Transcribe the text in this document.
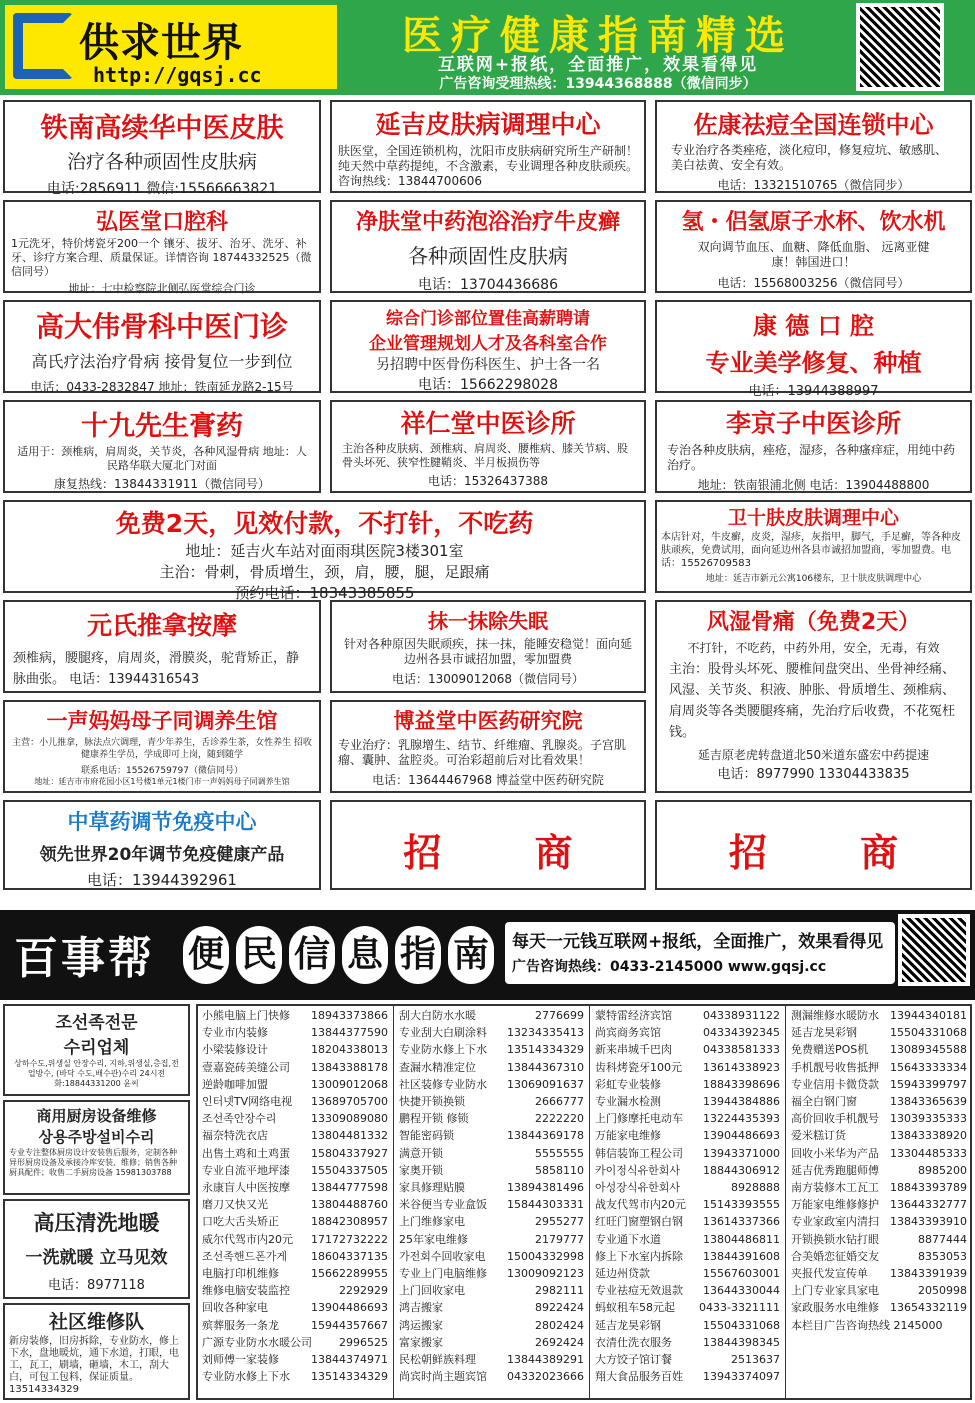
供求世界
http://gqsj.cc
医疗健康指南精选
互联网+报纸，全面推广，效果看得见
广告咨询受理热线：13944368888（微信同步）
铁南高续华中医皮肤
治疗各种顽固性皮肤病
电话:2856911 微信:15566663821
延吉皮肤病调理中心
肤医堂，全国连锁机构，沈阳市皮肤病研究所生产研制！纯天然中草药提纯，不含激素，专业调理各种皮肤顽疾。 咨询热线：13844700606
佐康祛痘全国连锁中心
专业治疗各类痤疮，淡化痘印，修复痘坑、敏感肌、美白祛黄、安全有效。
电话：13321510765（微信同步）
弘医堂口腔科
1元洗牙，特价烤瓷牙200一个 镶牙、拔牙、治牙、洗牙、补牙、诊疗方案合理、质量保证。详情咨询 18744332525（微信同号）
地址：七中检察院北侧弘医堂综合门诊
净肤堂中药泡浴治疗牛皮癣
各种顽固性皮肤病
电话：13704436686
氢・侣氢原子水杯、饮水机
双向调节血压、血糖、降低血脂、 远离亚健康！韩国进口！
电话：15568003256（微信同号）
高大伟骨科中医门诊
高氏疗法治疗骨病 接骨复位一步到位
电话：0433-2832847 地址：铁南延龙路2-15号
综合门诊部位置佳高薪聘请
企业管理规划人才及各科室合作
另招聘中医骨伤科医生、护士各一名
电话：15662298028
康 德 口 腔
专业美学修复、种植
电话：13944388997
十九先生膏药
适用于：颈椎病，肩周炎，关节炎，各种风湿骨病 地址：人民路华联大厦北门对面
康复热线：13844331911（微信同号）
祥仁堂中医诊所
主治各种皮肤病、颈椎病、肩周炎、腰椎病、膝关节病、股骨头坏死、狭窄性腱鞘炎、半月板损伤等
电话：15326437388
李京子中医诊所
专治各种皮肤病，痤疮，湿疹，各种瘙痒症，用纯中药治疗。
地址：铁南银浦北侧 电话：13904488800
免费2天，见效付款，不打针，不吃药
地址：延吉火车站对面雨琪医院3楼301室
主治：骨刺，骨质增生，颈，肩，腰，腿，足跟痛
预约电话：18343385855
卫十肤皮肤调理中心
本店针对，牛皮癣，皮炎，湿疹，灰指甲，脚气，手足癣，等各种皮肤顽疾，免费试用，面向延边州各县市诚招加盟商，零加盟费。电话：15526709583
地址：延吉市新元公寓106楼东，卫十肤皮肤调理中心
元氏推拿按摩
颈椎病，腰腿疼，肩周炎，滑膜炎，驼背矫正，静脉曲张。 电话：13944316543
抹一抹除失眠
针对各种原因失眠顽疾，抹一抹，能睡安稳觉！面向延边州各县市诚招加盟，零加盟费
电话：13009012068（微信同号）
一声妈妈母子同调养生馆
主营：小儿推拿，脉法点穴调理，青少年养生，舌诊养生茶，女性养生 招收健康养生学员，学成即可上岗，随到随学
联系电话：15526759797（微信同号）
地址：延吉市市府花园小区1号楼1单元1楼门市一声妈妈母子同调养生馆
博益堂中医药研究院
专业治疗：乳腺增生、结节、纤维瘤、乳腺炎。子宫肌瘤、囊肿、盆腔炎。可治彩超前后对比看效果！
电话：13644467968 博益堂中医药研究院
风湿骨痛（免费2天）
不打针，不吃药，中药外用，安全，无毒，有效
主治：股骨头坏死、腰椎间盘突出、坐骨神经痛、风湿、关节炎、积液、肿胀、骨质增生、颈椎病、肩周炎等各类腰腿疼痛，先治疗后收费，不花冤枉钱。
延吉原老虎转盘道北50米道东盛宏中药提速
电话：8977990 13304433835
中草药调节免疫中心
领先世界20年调节免疫健康产品
电话：13944392961
招 商	招 商
百事帮 便 民 信 息 指 南 每天一元钱互联网+报纸，全面推广，效果看得见
广告咨询热线：0433-2145000 www.gqsj.cc
조선족전문
수리업체
상하수도,위생실 안장수리, 지하,위생실,층집,전업방수, (바닥 수도,배수관)수리 24시전화:18844331200 윤씨
商用厨房设备维修
상용주방설비수리
专业专注整体厨房设计安装售后服务，定制各种异形厨房设备及承接冷库安装、维修；销售各种厨具配件；收售二手厨房设备 15981303788
高压清洗地暖
一洗就暖 立马见效
电话：8977118
社区维修队
新房装修，旧房拆除，专业防水，修上下水，盘地暖炕，通下水道，打眼，电工，瓦工，刷墙，砸墙，木工，刮大白，可包工包料，保证质量。 13514334329
小熊电脑上门快修 18943373866
专业市内装修	13844377590
小梁装修设计	18204338013
壹嘉瓷砖美缝公司 13843388178
逆龄咖啡加盟	13009012068
인터넷TV网络电视 13689705700
조선족안장수리	13309089080
福奈特洗衣店	13804481332
出售土鸡和土鸡蛋 15804337927
专业自流平地坪漆 15504337505
永康盲人中医按摩 13844777598
磨刀又快又光	13804488760
口吃大舌头矫正	18842308957
威尔代驾市内20元 17172732222
조선족핸드폰가게 18604337135
电脑打印机维修	15662289955
维修电脑安装监控	2292929
回收各种家电	13904486693
殡葬服务一条龙	15944357667
广源专业防水水暖公司 2996525
刘师傅一家装修	13844374971
专业防水修上下水 13514334329
刮大白防水水暖	2776699
专业刮大白刷涂料 13234335413
专业防水修上下水 13514334329
查漏水精准定位	13844367310
社区装修专业防水 13069091637
快捷开锁换锁	2666777
鹏程开锁 修锁	2222220
智能密码锁	13844369178
满意开锁	5555555
家奥开锁	5858110
家具修理贴膜	13894381496
米谷便当专业盒饭 15844303331
上门维修家电	2955277
25年家电维修	2179777
가전회수回收家电 15004332998
专业上门电脑维修 13009092123
上门回收家电	2982111
鸿吉搬家	8922424
鸿运搬家	2802424
富家搬家	2692424
民松朝鲜族料理	13844389291
尚宾时尚主题宾馆 04332023666
蒙特雷经济宾馆	04338931122
尚宾商务宾馆	04334392345
新来串城千巴肉	04338581333
齿科烤瓷牙100元 13614338923
彩虹专业装修	18843398696
专业漏水检测	13944384886
上门修摩托电动车 13224435393
万能家电维修	13904486693
韩信装饰工程公司 13943371000
카이정식유한회사 18844306912
아성장식유한회사	8928888
战友代驾市内20元 15143393555
红旺门窗塑钢白钢 13614337366
专业通下水道	13804486811
修上下水室内拆除 13844391608
延边州贷款	15567603001
专业祛痘无效退款 13644330044
蚂蚁租车58元起 0433-3321111
延吉龙昊彩钢	15504331068
衣清仕洗衣服务	13844398345
大方饺子馆订餐	2513637
翔大食品服务百姓 13943374097
测漏维修水暖防水 13944340181
延吉龙昊彩钢	15504331068
免费赠送POS机 13089345588
手机靓号收售抵押 15643333334
专业信用卡微贷款 15943399797
福全白钢门窗	13843365639
高价回收手机靓号 13039335333
爱米糕订货	13843338920
回收小米华为产品 13304485333
延吉优秀跑腿师傅	8985200
南方装修木工瓦工 18843393789
万能家电维修修护 13644332777
专业家政室内清扫 13843393910
开锁换锁水钻打眼	8877444
合美婚恋征婚交友	8353053
夹报代发宣传单 13843391939
上门专业家具家电	2050998
家政服务水电维修 13654332119
本栏目广告咨询热线 2145000
